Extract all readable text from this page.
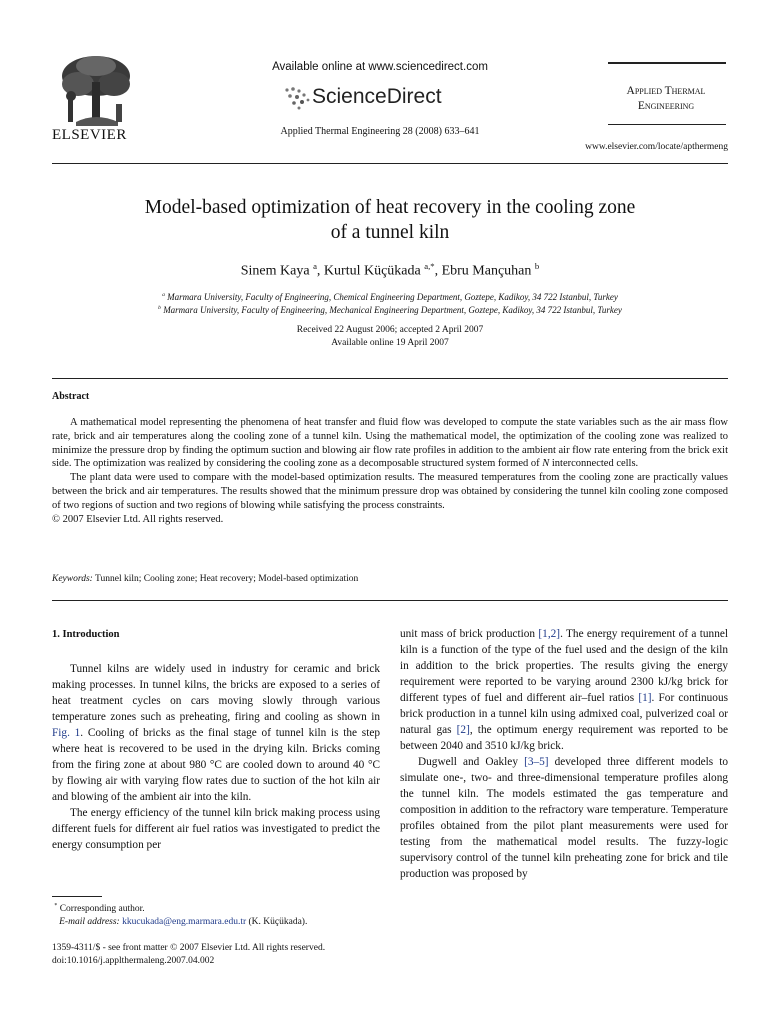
ELSEVIER
Available online at www.sciencedirect.com
ScienceDirect
Applied Thermal Engineering 28 (2008) 633–641
Applied Thermal
Engineering
www.elsevier.com/locate/apthermeng
Model-based optimization of heat recovery in the cooling zone
of a tunnel kiln
Sinem Kaya $^a$, Kurtul Küçükada $^{a,*}$, Ebru Mançuhan $^b$
$^a$ Marmara University, Faculty of Engineering, Chemical Engineering Department, Goztepe, Kadikoy, 34 722 Istanbul, Turkey
$^b$ Marmara University, Faculty of Engineering, Mechanical Engineering Department, Goztepe, Kadikoy, 34 722 Istanbul, Turkey
Received 22 August 2006; accepted 2 April 2007
Available online 19 April 2007
Abstract

A mathematical model representing the phenomena of heat transfer and fluid flow was developed to compute the state variables such as the air mass flow rate, brick and air temperatures along the cooling zone of a tunnel kiln. Using the mathematical model, the optimization of the cooling zone was realized to minimize the pressure drop by finding the optimum suction and blowing air flow rate profiles in addition to the ambient air flow rate entering from the brick exit side. The optimization was realized by considering the cooling zone as a decomposable structured system formed of N interconnected cells.

The plant data were used to compare with the model-based optimization results. The measured temperatures from the cooling zone are practically values between the brick and air temperatures. The results showed that the minimum pressure drop was obtained by considering the tunnel kiln cooling zone composed of two regions of suction and two regions of blowing while satisfying the process constraints.

© 2007 Elsevier Ltd. All rights reserved.

Keywords: Tunnel kiln; Cooling zone; Heat recovery; Model-based optimization
1. Introduction

Tunnel kilns are widely used in industry for ceramic and brick making processes. In tunnel kilns, the bricks are exposed to a series of heat treatment cycles on cars moving slowly through various temperature zones such as preheating, firing and cooling as shown in Fig. 1. Cooling of bricks as the final stage of tunnel kiln is the step where heat is recovered to be used in the drying kiln. Bricks coming from the firing zone at about 980 °C are cooled down to around 40 °C by flowing air with varying flow rates due to suction of the hot kiln air and blowing of the ambient air into the kiln.

The energy efficiency of the tunnel kiln brick making process using different fuels for different air fuel ratios was investigated to predict the energy consumption per

unit mass of brick production [1,2]. The energy requirement of a tunnel kiln is a function of the type of the fuel used and the design of the kiln in addition to the brick properties. The results giving the energy requirement were reported to be varying around 2300 kJ/kg brick for different types of fuel and different air–fuel ratios [1]. For continuous brick production in a tunnel kiln using admixed coal, pulverized coal or natural gas [2], the optimum energy requirement was reported to be between 2040 and 3510 kJ/kg brick.

Dugwell and Oakley [3–5] developed three different models to simulate one-, two- and three-dimensional temperature profiles along the tunnel kiln. The models estimated the gas temperature and composition in addition to the refractory ware temperature. Temperature profiles obtained from the pilot plant measurements were used for testing from the mathematical model results. The fuzzy-logic supervisory control of the tunnel kiln preheating zone for brick and tile production was proposed by

* Corresponding author.
E-mail address: kkucukada@eng.marmara.edu.tr (K. Küçükada).
1359-4311/$ - see front matter © 2007 Elsevier Ltd. All rights reserved.
doi:10.1016/j.applthermaleng.2007.04.002
